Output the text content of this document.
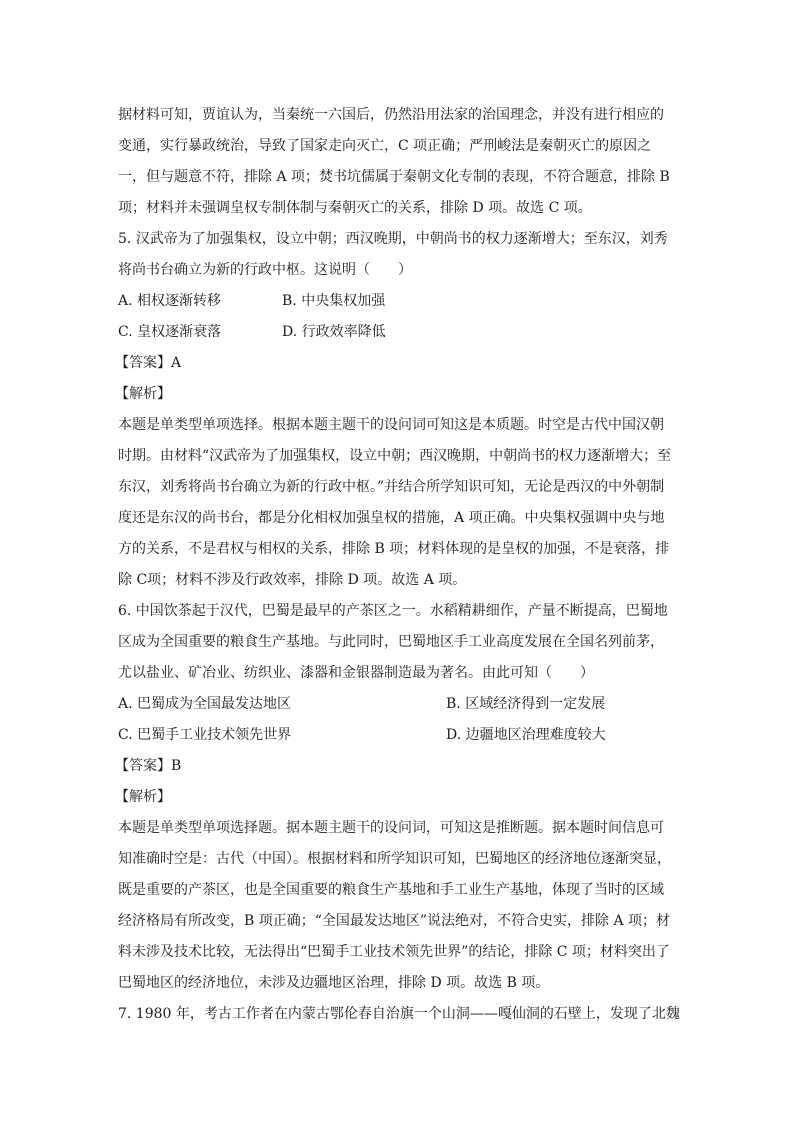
据材料可知，贾谊认为，当秦统一六国后，仍然沿用法家的治国理念，并没有进行相应的
变通，实行暴政统治，导致了国家走向灭亡，C 项正确；严刑峻法是秦朝灭亡的原因之
一，但与题意不符，排除 A 项；焚书坑儒属于秦朝文化专制的表现，不符合题意，排除 B
项；材料并未强调皇权专制体制与秦朝灭亡的关系，排除 D 项。故选 C 项。
5. 汉武帝为了加强集权，设立中朝；西汉晚期，中朝尚书的权力逐渐增大；至东汉，刘秀
将尚书台确立为新的行政中枢。这说明（　　）
A. 相权逐渐转移	B. 中央集权加强
C. 皇权逐渐衰落	D. 行政效率降低
【答案】A
【解析】
本题是单类型单项选择。根据本题主题干的设问词可知这是本质题。时空是古代中国汉朝
时期。由材料“汉武帝为了加强集权，设立中朝；西汉晚期，中朝尚书的权力逐渐增大；至
东汉，刘秀将尚书台确立为新的行政中枢。”并结合所学知识可知，无论是西汉的中外朝制
度还是东汉的尚书台，都是分化相权加强皇权的措施，A 项正确。中央集权强调中央与地
方的关系，不是君权与相权的关系，排除 B 项；材料体现的是皇权的加强，不是衰落，排
除 C项；材料不涉及行政效率，排除 D 项。故选 A 项。
6. 中国饮茶起于汉代，巴蜀是最早的产茶区之一。水稻精耕细作，产量不断提高，巴蜀地
区成为全国重要的粮食生产基地。与此同时，巴蜀地区手工业高度发展在全国名列前茅，
尤以盐业、矿冶业、纺织业、漆器和金银器制造最为著名。由此可知（　　）
A. 巴蜀成为全国最发达地区	B. 区域经济得到一定发展
C. 巴蜀手工业技术领先世界	D. 边疆地区治理难度较大
【答案】B
【解析】
本题是单类型单项选择题。据本题主题干的设问词，可知这是推断题。据本题时间信息可
知准确时空是：古代（中国）。根据材料和所学知识可知，巴蜀地区的经济地位逐渐突显，
既是重要的产茶区，也是全国重要的粮食生产基地和手工业生产基地，体现了当时的区域
经济格局有所改变，B 项正确；“全国最发达地区”说法绝对，不符合史实，排除 A 项；材
料未涉及技术比较，无法得出“巴蜀手工业技术领先世界”的结论，排除 C 项；材料突出了
巴蜀地区的经济地位，未涉及边疆地区治理，排除 D 项。故选 B 项。
7. 1980 年，考古工作者在内蒙古鄂伦春自治旗一个山洞——嘎仙洞的石壁上，发现了北魏
